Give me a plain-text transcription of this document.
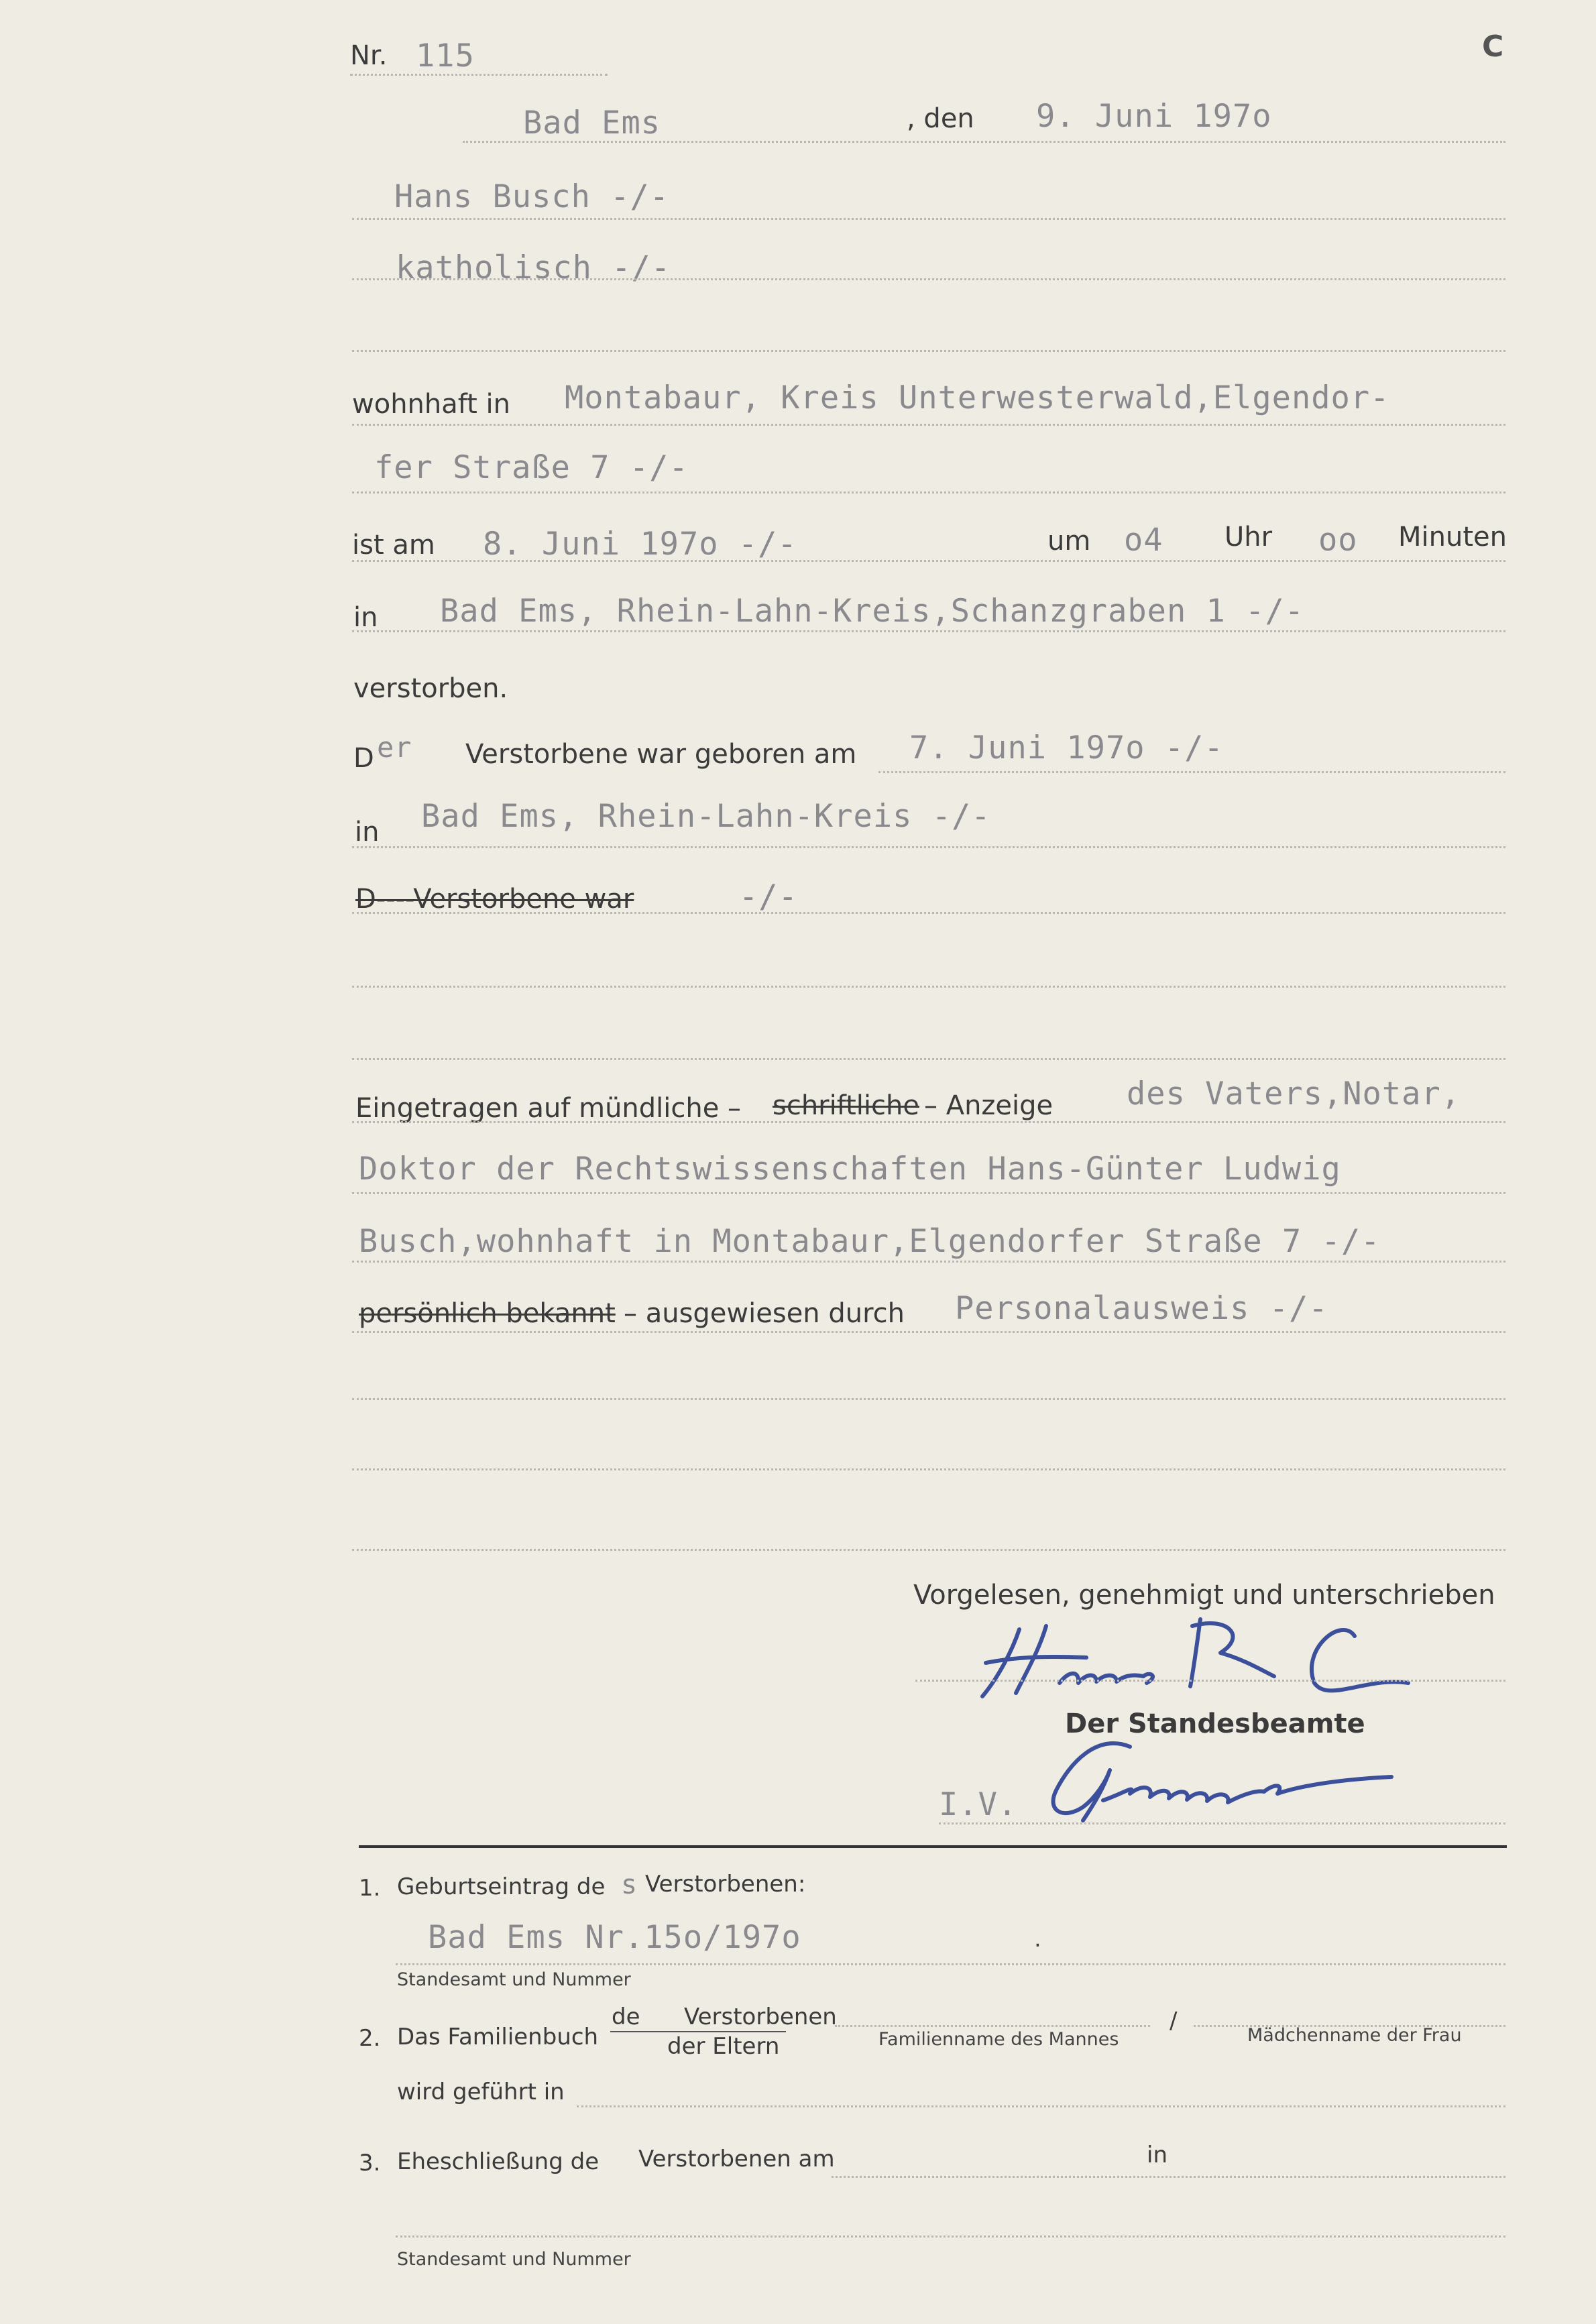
C
Nr. 115
Bad Ems	, den 9. Juni 197o
Hans Busch -/-
katholisch -/-
wohnhaft in Montabaur, Kreis Unterwesterwald,Elgendor-
fer Straße 7 -/-
ist am 8. Juni 197o -/-	um o4 Uhr oo Minuten
in Bad Ems, Rhein-Lahn-Kreis,Schanzgraben 1 -/-
verstorben.
D er Verstorbene war geboren am 7. Juni 197o -/-
in Bad Ems, Rhein-Lahn-Kreis -/-
D----Verstorbene war	-/-
Eingetragen auf mündliche – schriftliche – Anzeige des Vaters,Notar,
Doktor der Rechtswissenschaften Hans-Günter Ludwig
Busch,wohnhaft in Montabaur,Elgendorfer Straße 7 -/-
persönlich bekannt – ausgewiesen durch Personalausweis -/-
Vorgelesen, genehmigt und unterschrieben
Der Standesbeamte
I.V.
1. Geburtseintrag de s Verstorbenen:
Bad Ems Nr.15o/197o	.
Standesamt und Nummer
2. Das Familienbuch
de Verstorbenen
der Eltern	Familienname des Mannes
/
Mädchenname der Frau
wird geführt in
3. Eheschließung de Verstorbenen am	in
Standesamt und Nummer
